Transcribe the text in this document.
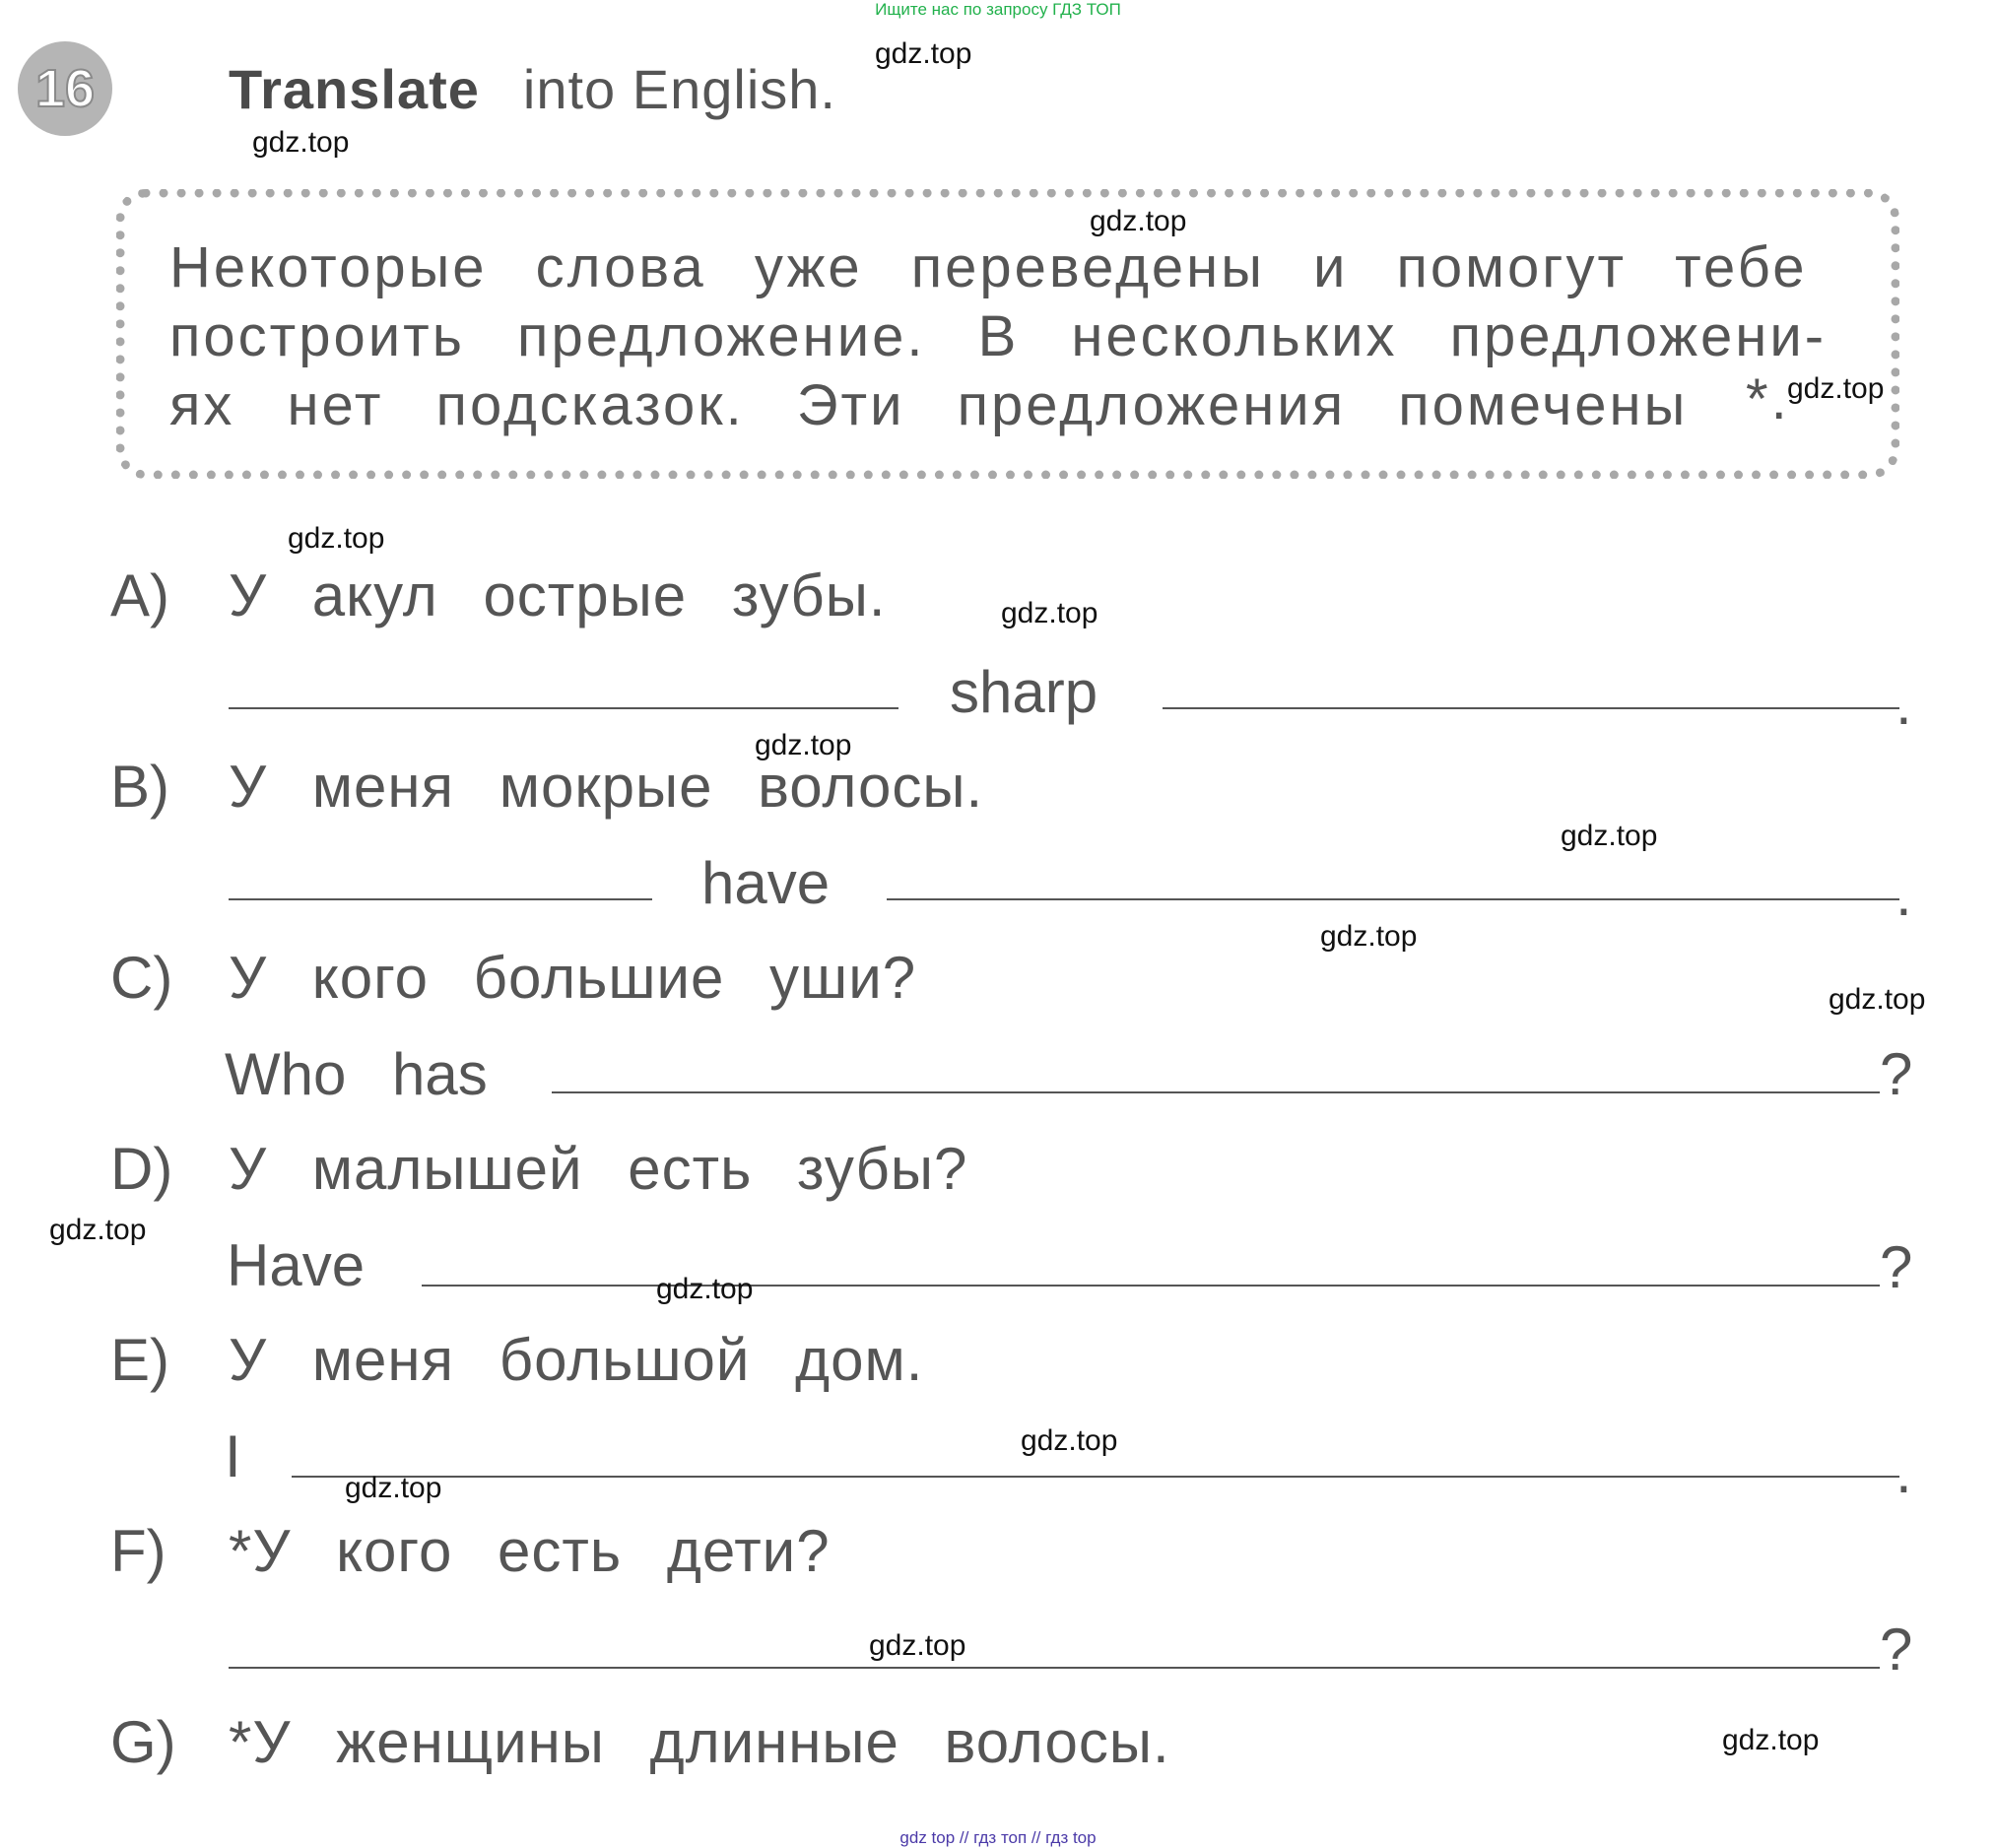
Ищите нас по запросу ГДЗ ТОП
16	Translate into English.
Некоторые слова уже переведены и помогут тебе
построить предложение. В нескольких предложени-
ях нет подсказок. Эти предложения помечены *.
A) У акул острые зубы.
sharp	.
B) У меня мокрые волосы.
have	.
C) У кого большие уши?
Who has	?
D) У малышей есть зубы?
Have	?
E) У меня большой дом.
I	.
F) *У кого есть дети?
?
G) *У женщины длинные волосы.
gdz.top
gdz.top
gdz.top
gdz.top
gdz.top
gdz.top
gdz.top
gdz.top
gdz.top
gdz.top
gdz.top
gdz.top
gdz.top
gdz.top
gdz.top
gdz.top
gdz top // гдз топ // гдз top
